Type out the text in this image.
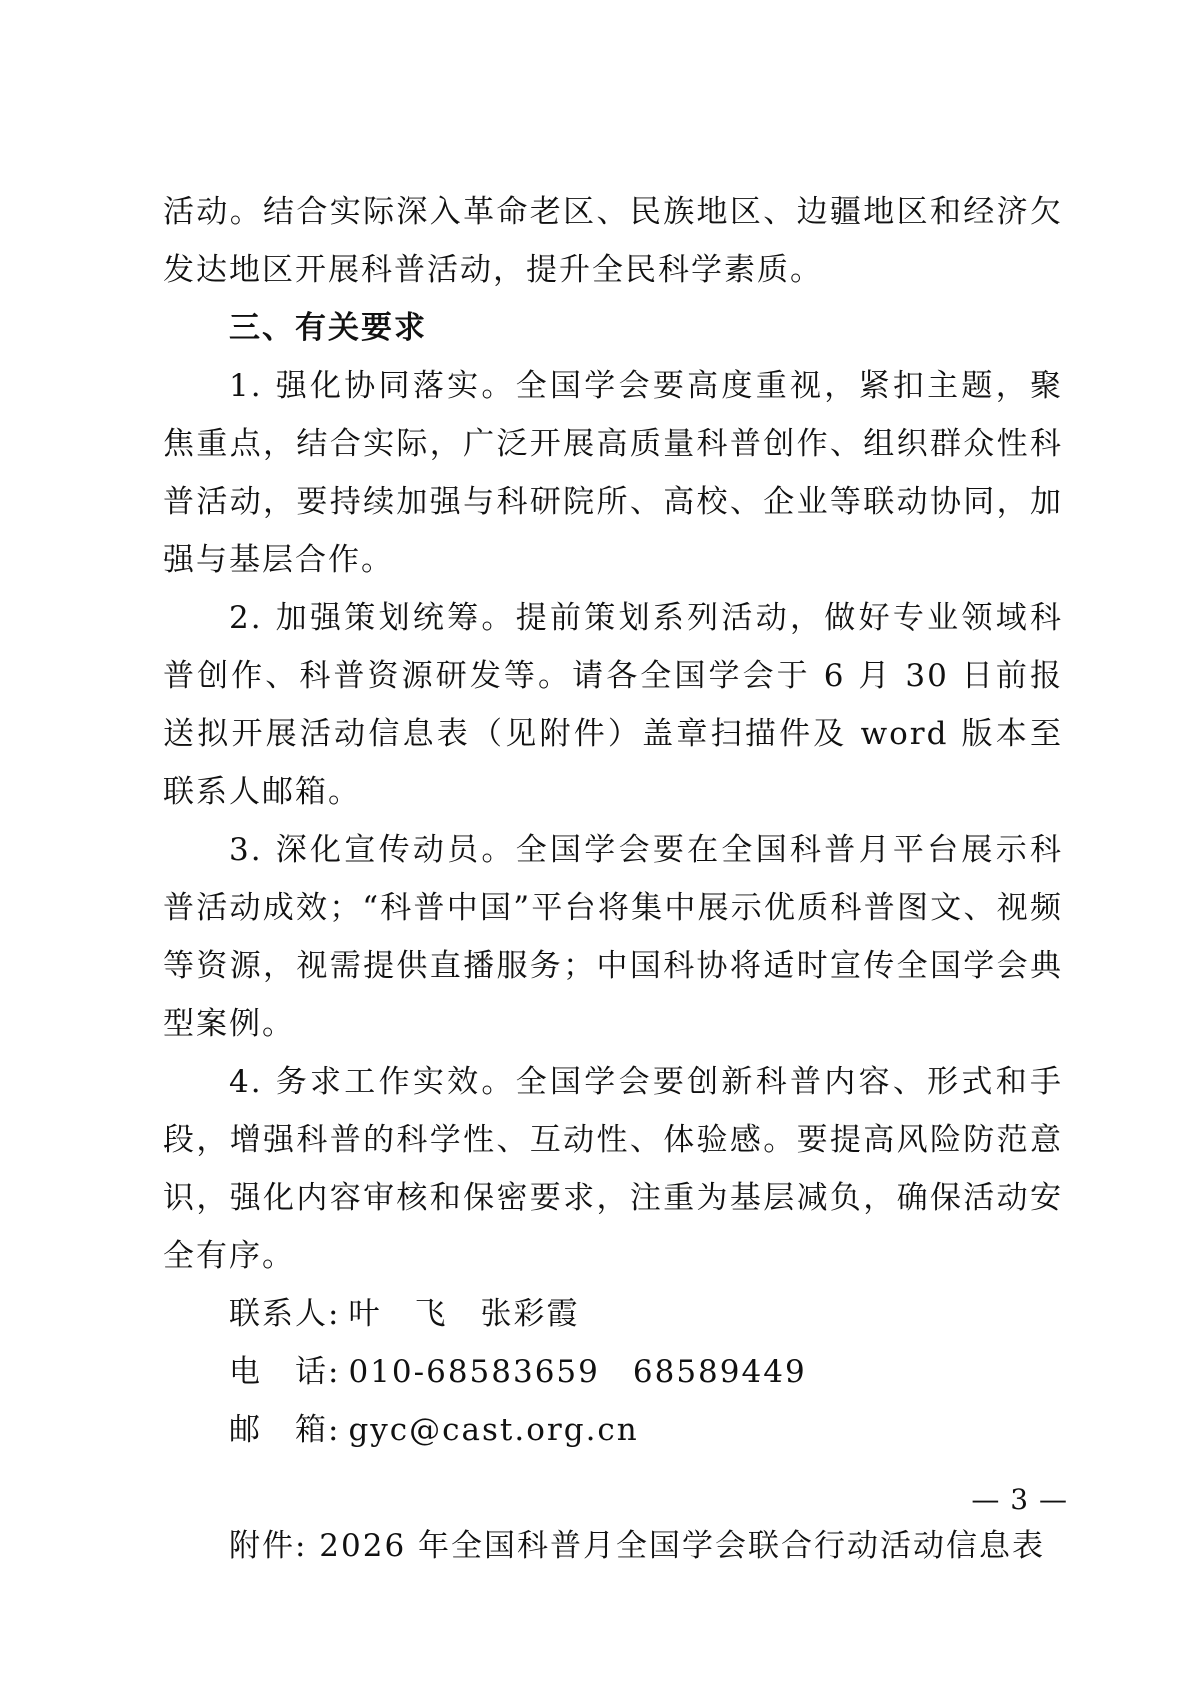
活动。结合实际深入革命老区、民族地区、边疆地区和经济欠发达地区开展科普活动，提升全民科学素质。

三、有关要求

1. 强化协同落实。全国学会要高度重视，紧扣主题，聚焦重点，结合实际，广泛开展高质量科普创作、组织群众性科普活动，要持续加强与科研院所、高校、企业等联动协同，加强与基层合作。

2. 加强策划统筹。提前策划系列活动，做好专业领域科普创作、科普资源研发等。请各全国学会于 6 月 30 日前报送拟开展活动信息表（见附件）盖章扫描件及 word 版本至联系人邮箱。

3. 深化宣传动员。全国学会要在全国科普月平台展示科普活动成效；“科普中国”平台将集中展示优质科普图文、视频等资源，视需提供直播服务；中国科协将适时宣传全国学会典型案例。

4. 务求工作实效。全国学会要创新科普内容、形式和手段，增强科普的科学性、互动性、体验感。要提高风险防范意识，强化内容审核和保密要求，注重为基层减负，确保活动安全有序。

联系人: 叶　飞　张彩霞

电　话: 010-68583659　68589449

邮　箱: gyc@cast.org.cn

附件: 2026 年全国科普月全国学会联合行动活动信息表

— 3 —
